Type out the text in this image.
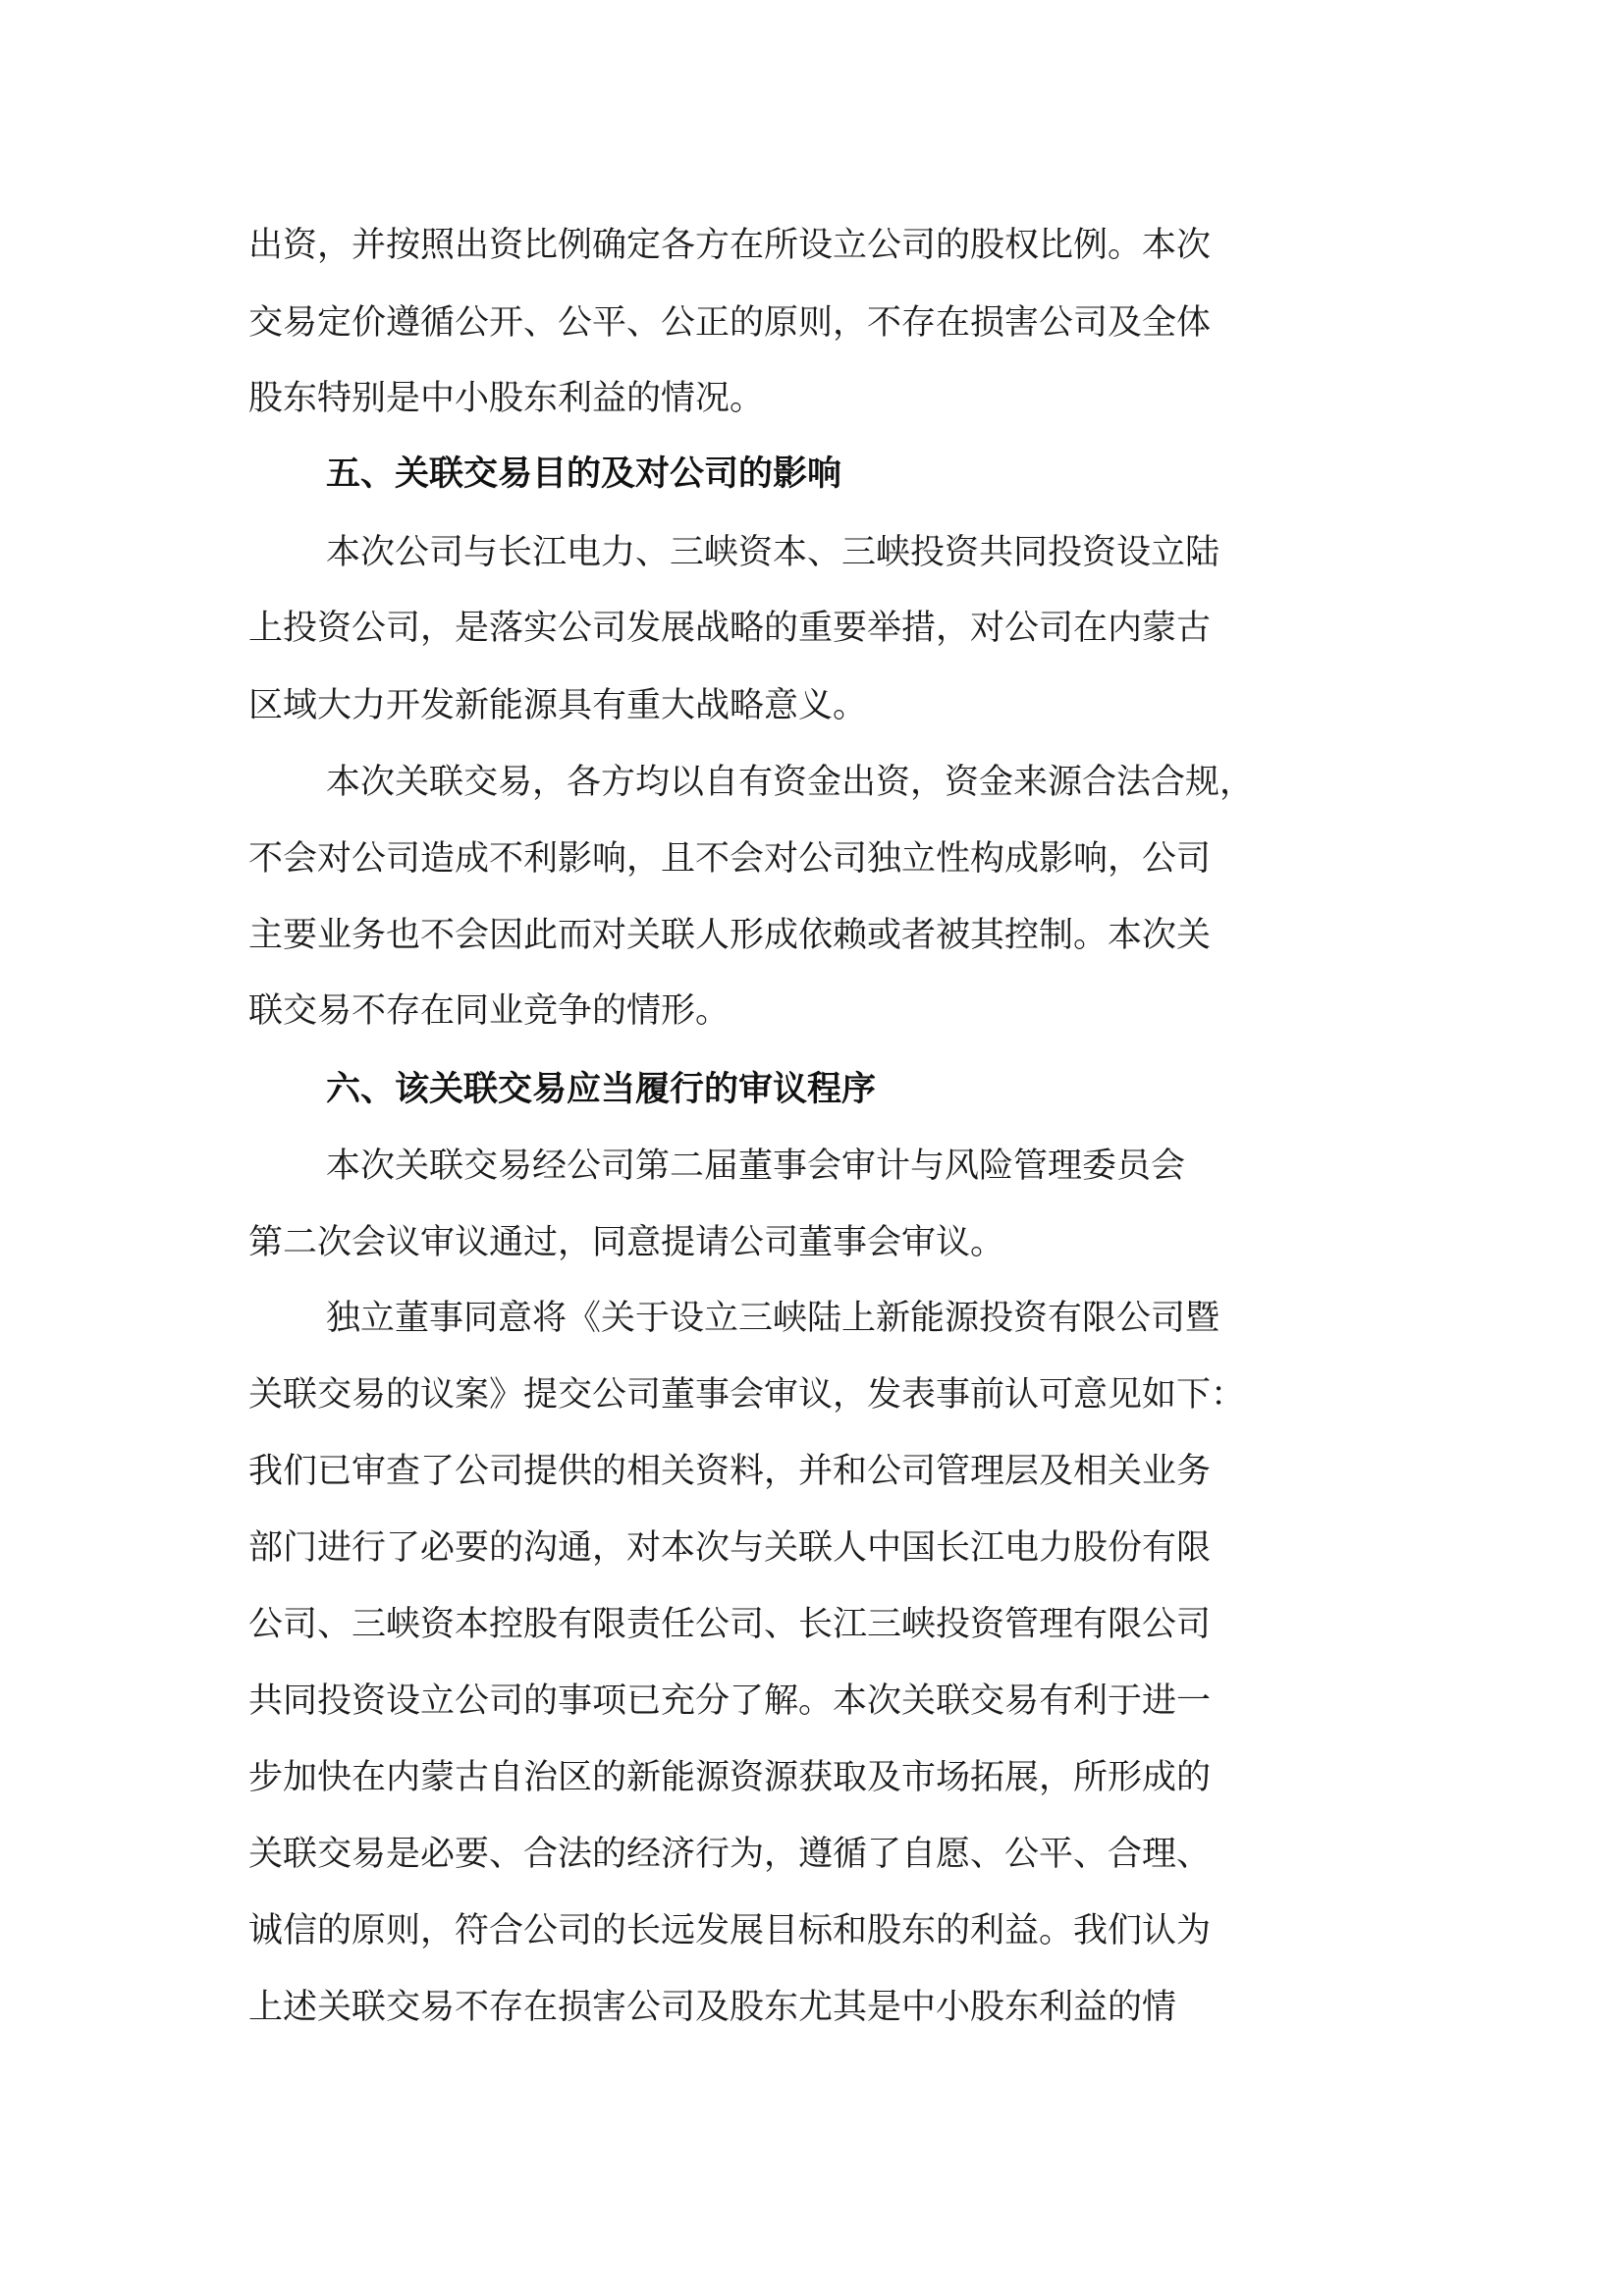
出资，并按照出资比例确定各方在所设立公司的股权比例。本次
交易定价遵循公开、公平、公正的原则，不存在损害公司及全体
股东特别是中小股东利益的情况。
五、关联交易目的及对公司的影响
本次公司与长江电力、三峡资本、三峡投资共同投资设立陆
上投资公司，是落实公司发展战略的重要举措，对公司在内蒙古
区域大力开发新能源具有重大战略意义。
本次关联交易，各方均以自有资金出资，资金来源合法合规，
不会对公司造成不利影响，且不会对公司独立性构成影响，公司
主要业务也不会因此而对关联人形成依赖或者被其控制。本次关
联交易不存在同业竞争的情形。
六、该关联交易应当履行的审议程序
本次关联交易经公司第二届董事会审计与风险管理委员会
第二次会议审议通过，同意提请公司董事会审议。
独立董事同意将《关于设立三峡陆上新能源投资有限公司暨
关联交易的议案》提交公司董事会审议，发表事前认可意见如下：
我们已审查了公司提供的相关资料，并和公司管理层及相关业务
部门进行了必要的沟通，对本次与关联人中国长江电力股份有限
公司、三峡资本控股有限责任公司、长江三峡投资管理有限公司
共同投资设立公司的事项已充分了解。本次关联交易有利于进一
步加快在内蒙古自治区的新能源资源获取及市场拓展，所形成的
关联交易是必要、合法的经济行为，遵循了自愿、公平、合理、
诚信的原则，符合公司的长远发展目标和股东的利益。我们认为
上述关联交易不存在损害公司及股东尤其是中小股东利益的情
